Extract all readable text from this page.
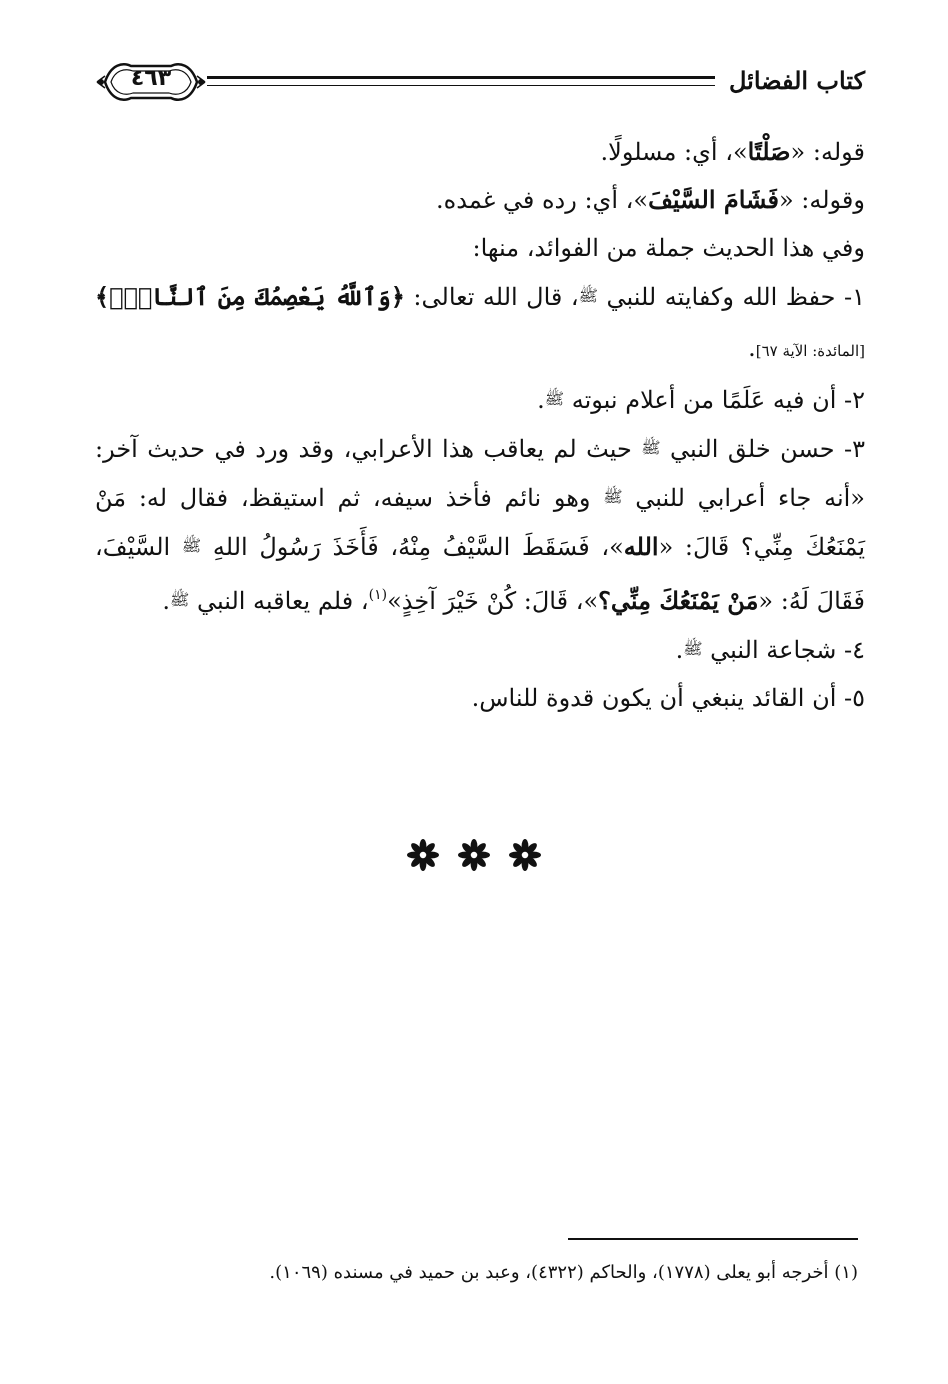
٤٦٣	كتاب الفضائل

قوله: «صَلْتًا»، أي: مسلولًا.

وقوله: «فَشَامَ السَّيْفَ»، أي: رده في غمده.

وفي هذا الحديث جملة من الفوائد، منها:

١- حفظ الله وكفايته للنبي ﷺ، قال الله تعالى: ﴿وَٱللَّهُ يَعْصِمُكَ مِنَ ٱلنَّاسِۗ﴾ [المائدة: الآية ٦٧].

٢- أن فيه عَلَمًا من أعلام نبوته ﷺ.

٣- حسن خلق النبي ﷺ حيث لم يعاقب هذا الأعرابي، وقد ورد في حديث آخر: «أنه جاء أعرابي للنبي ﷺ وهو نائم فأخذ سيفه، ثم استيقظ، فقال له: مَنْ يَمْنَعُكَ مِنِّي؟ قَالَ: «الله»، فَسَقَطَ السَّيْفُ مِنْهُ، فَأَخَذَ رَسُولُ اللهِ ﷺ السَّيْفَ، فَقَالَ لَهُ: «مَنْ يَمْنَعُكَ مِنِّي؟»، قَالَ: كُنْ خَيْرَ آخِذٍ»$^{(١)}$، فلم يعاقبه النبي ﷺ.

٤- شجاعة النبي ﷺ.

٥- أن القائد ينبغي أن يكون قدوة للناس.

(١) أخرجه أبو يعلى (١٧٧٨)، والحاكم (٤٣٢٢)، وعبد بن حميد في مسنده (١٠٦٩).
